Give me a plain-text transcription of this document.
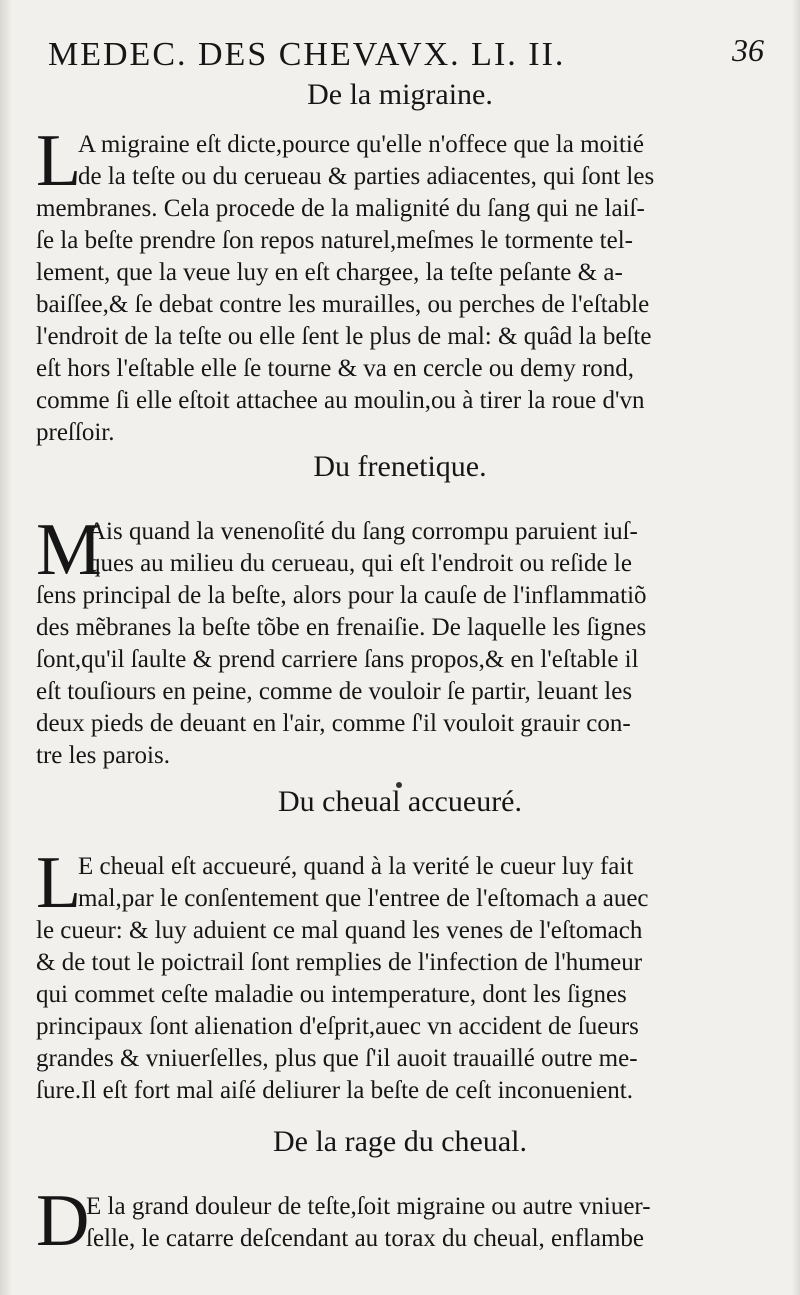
MEDEC. DES CHEVAVX. LI. II.	36
De la migraine.
L
A migraine eſt dicte,pource qu'elle n'offece que la moitié
de la teſte ou du cerueau & parties adiacentes, qui ſont les
membranes. Cela procede de la malignité du ſang qui ne laiſ-
ſe la beſte prendre ſon repos naturel,meſmes le tormente tel-
lement, que la veue luy en eſt chargee, la teſte peſante & a-
baiſſee,& ſe debat contre les murailles, ou perches de l'eſtable
l'endroit de la teſte ou elle ſent le plus de mal: & quâd la beſte
eſt hors l'eſtable elle ſe tourne & va en cercle ou demy rond,
comme ſi elle eſtoit attachee au moulin,ou à tirer la roue d'vn
preſſoir.
Du frenetique.
M
Ais quand la venenoſité du ſang corrompu paruient iuſ-
ques au milieu du cerueau, qui eſt l'endroit ou reſide le
ſens principal de la beſte, alors pour la cauſe de l'inflammatiõ
des mẽbranes la beſte tõbe en frenaiſie. De laquelle les ſignes
ſont,qu'il ſaulte & prend carriere ſans propos,& en l'eſtable il
eſt touſiours en peine, comme de vouloir ſe partir, leuant les
deux pieds de deuant en l'air, comme ſ'il vouloit grauir con-
tre les parois.
Du cheual accueuré.
L
E cheual eſt accueuré, quand à la verité le cueur luy fait
mal,par le conſentement que l'entree de l'eſtomach a auec
le cueur: & luy aduient ce mal quand les venes de l'eſtomach
& de tout le poictrail ſont remplies de l'infection de l'humeur
qui commet ceſte maladie ou intemperature, dont les ſignes
principaux ſont alienation d'eſprit,auec vn accident de ſueurs
grandes & vniuerſelles, plus que ſ'il auoit trauaillé outre me-
ſure.Il eſt fort mal aiſé deliurer la beſte de ceſt inconuenient.
De la rage du cheual.
D
E la grand douleur de teſte,ſoit migraine ou autre vniuer-
ſelle, le catarre deſcendant au torax du cheual, enflambe
